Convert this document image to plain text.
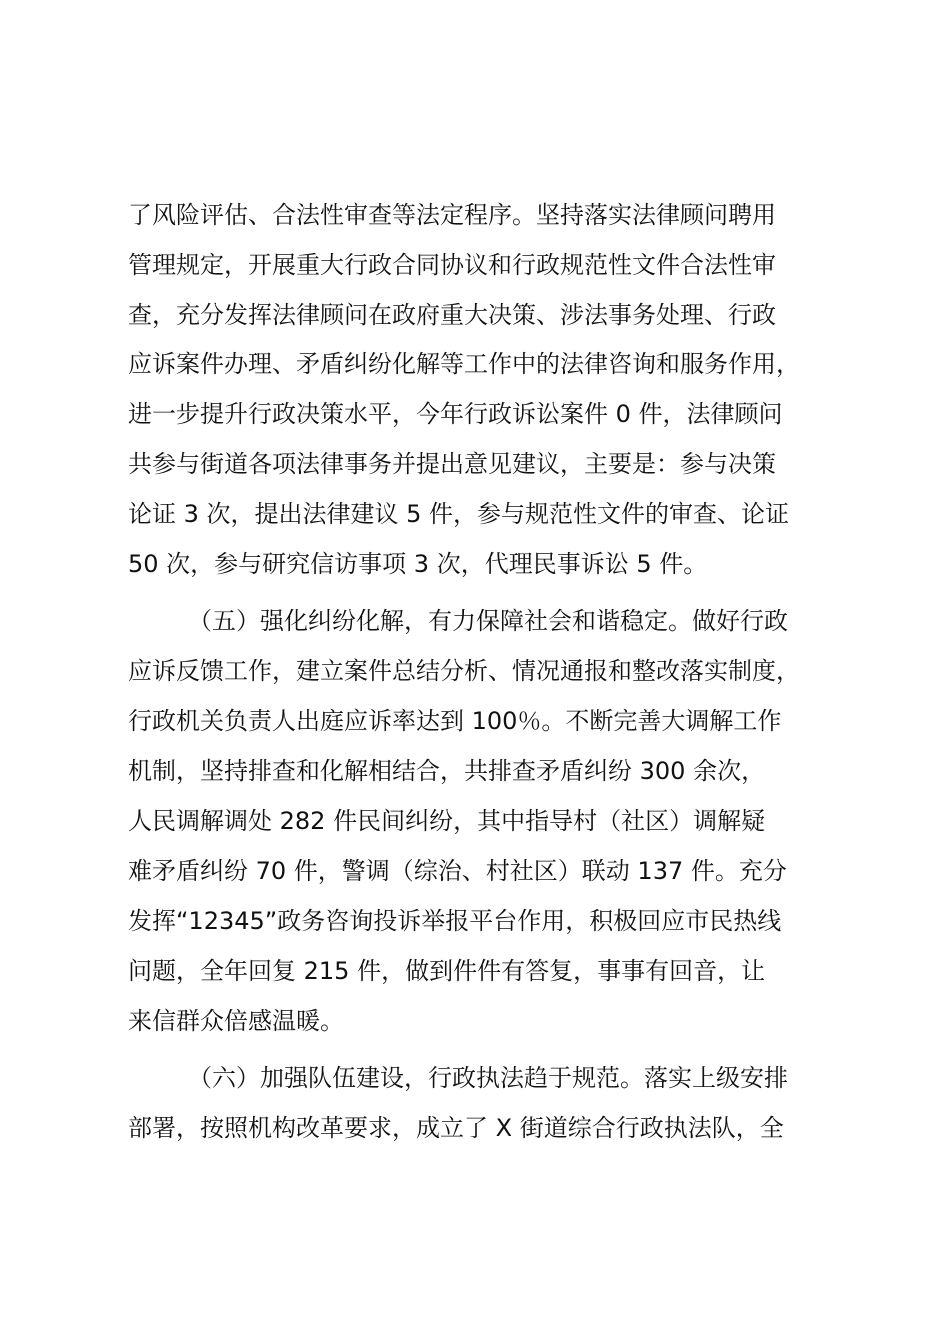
了风险评估、合法性审查等法定程序。坚持落实法律顾问聘用
管理规定，开展重大行政合同协议和行政规范性文件合法性审
查，充分发挥法律顾问在政府重大决策、涉法事务处理、行政
应诉案件办理、矛盾纠纷化解等工作中的法律咨询和服务作用，
进一步提升行政决策水平，今年行政诉讼案件 0 件，法律顾问
共参与街道各项法律事务并提出意见建议，主要是：参与决策
论证 3 次，提出法律建议 5 件，参与规范性文件的审查、论证
50 次，参与研究信访事项 3 次，代理民事诉讼 5 件。
（五）强化纠纷化解，有力保障社会和谐稳定。做好行政
应诉反馈工作，建立案件总结分析、情况通报和整改落实制度，
行政机关负责人出庭应诉率达到 100％。不断完善大调解工作
机制，坚持排查和化解相结合，共排查矛盾纠纷 300 余次，
人民调解调处 282 件民间纠纷，其中指导村（社区）调解疑
难矛盾纠纷 70 件，警调（综治、村社区）联动 137 件。充分
发挥“12345”政务咨询投诉举报平台作用，积极回应市民热线
问题，全年回复 215 件，做到件件有答复，事事有回音，让
来信群众倍感温暖。
（六）加强队伍建设，行政执法趋于规范。落实上级安排
部署，按照机构改革要求，成立了 X 街道综合行政执法队，全
